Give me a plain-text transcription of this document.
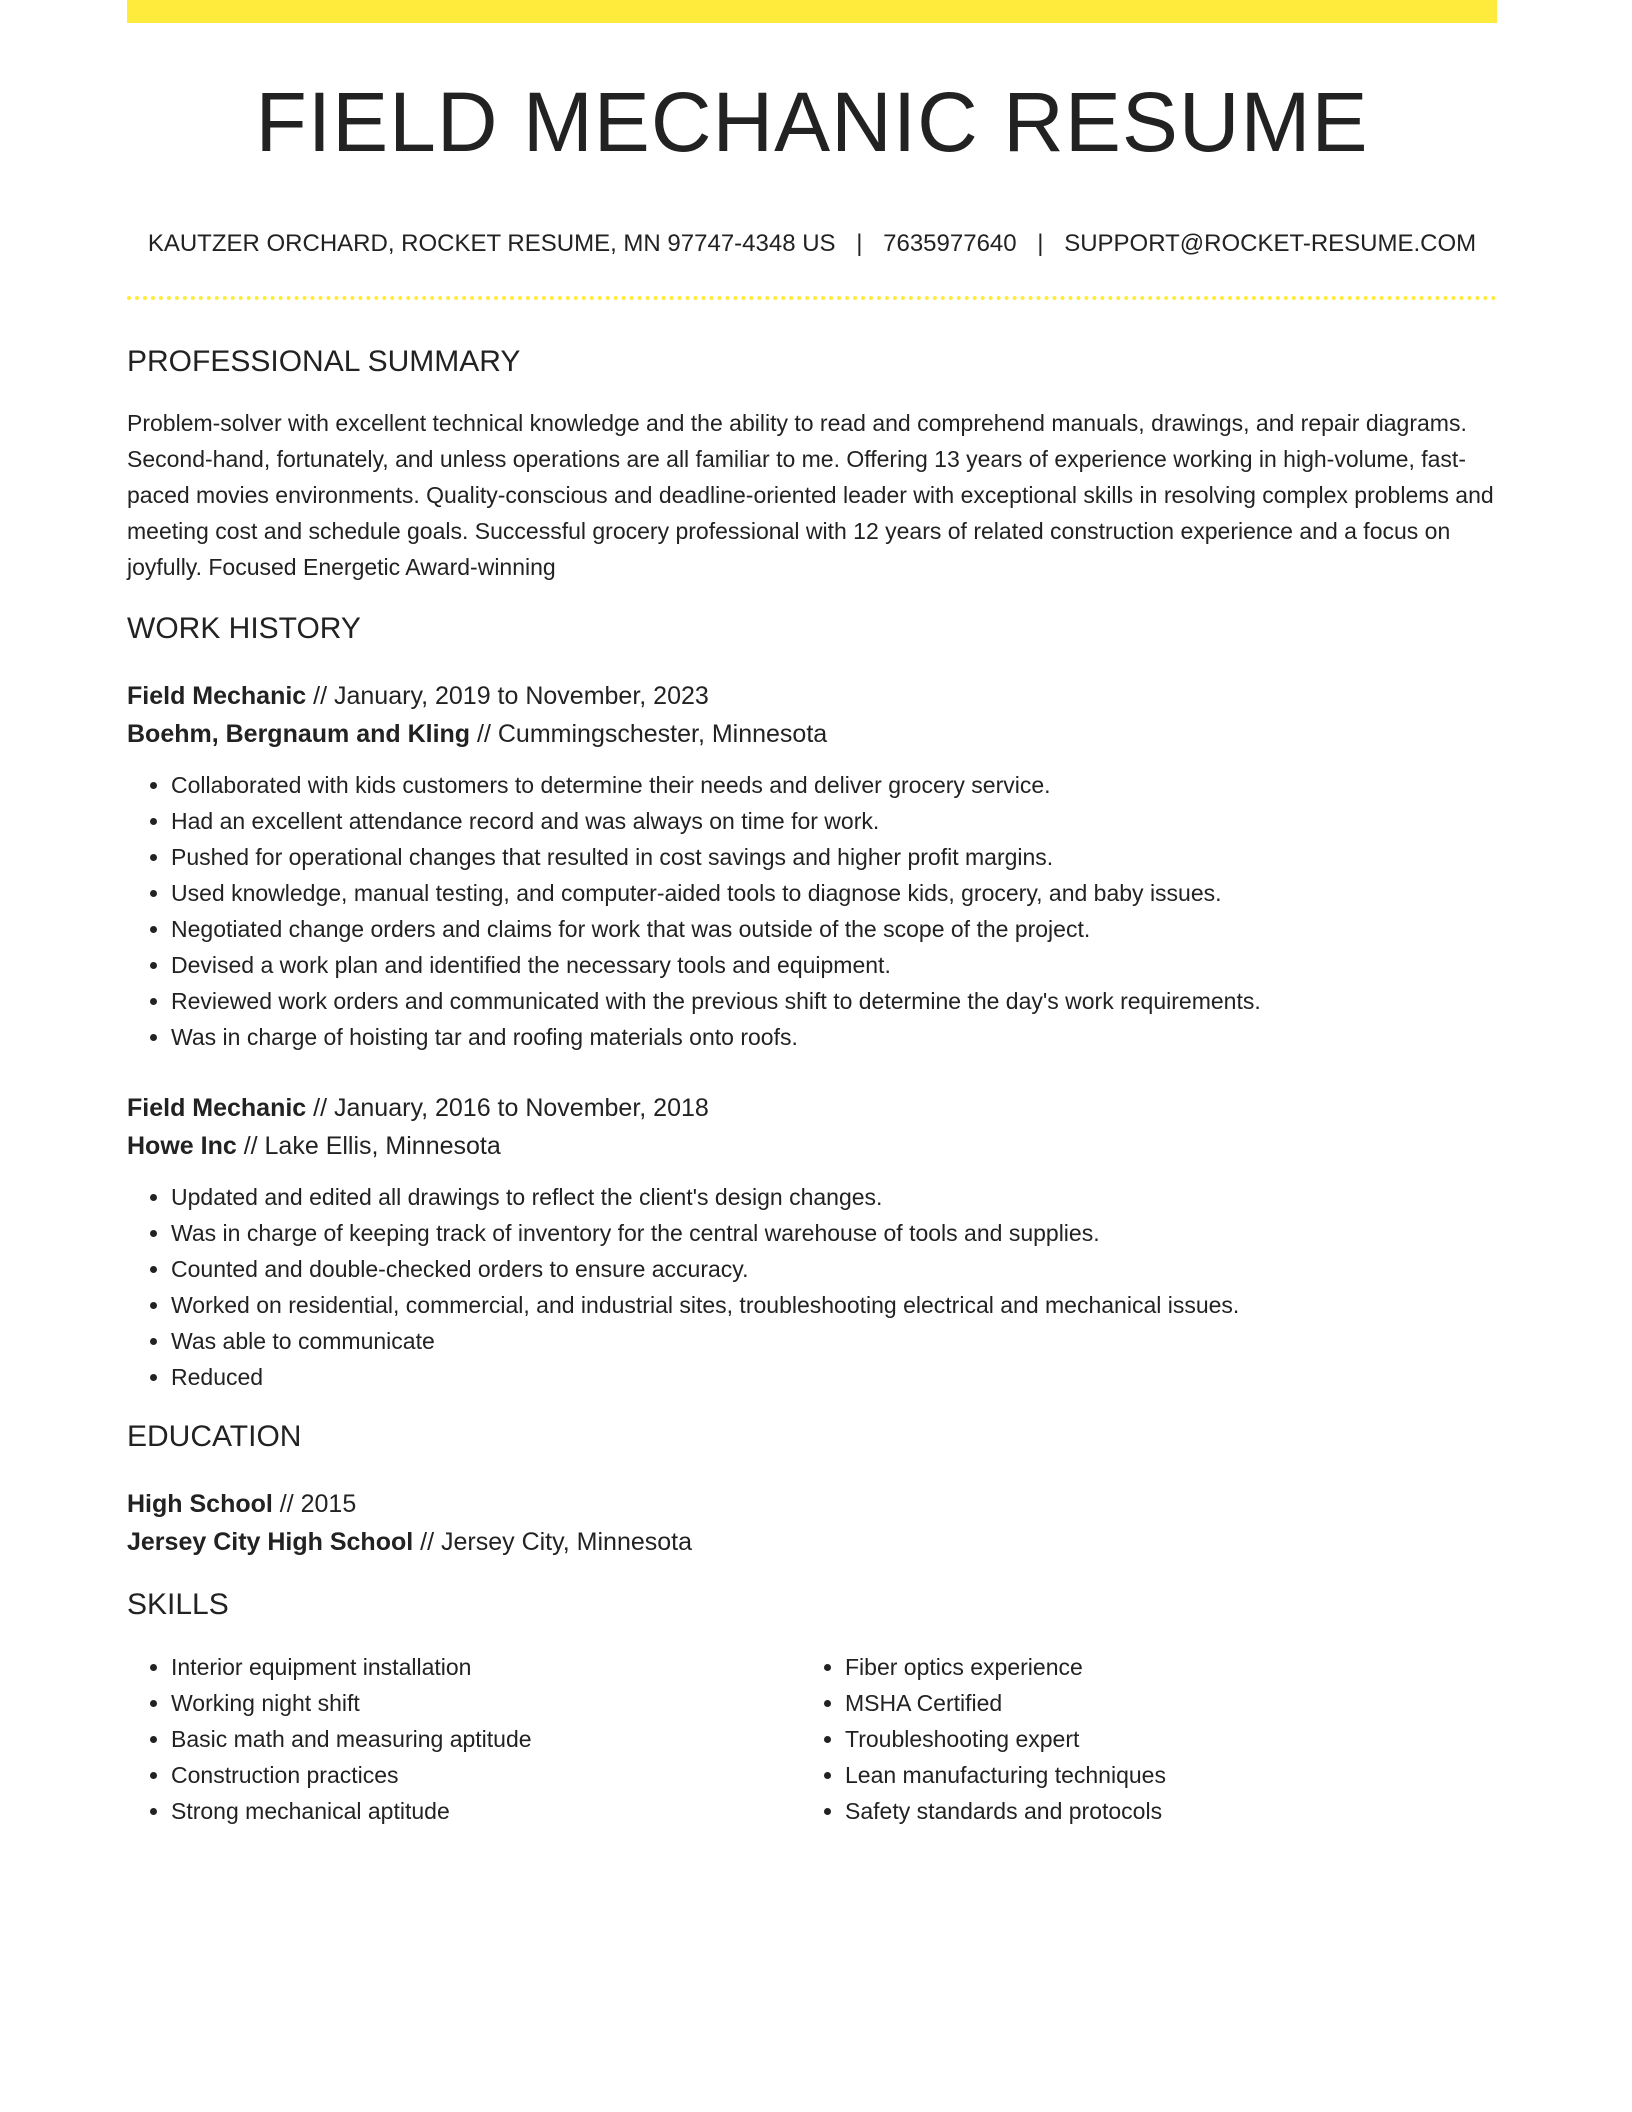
FIELD MECHANIC RESUME
KAUTZER ORCHARD, ROCKET RESUME, MN 97747-4348 US | 7635977640 | SUPPORT@ROCKET-RESUME.COM
PROFESSIONAL SUMMARY

Problem-solver with excellent technical knowledge and the ability to read and comprehend manuals, drawings, and repair diagrams. Second-hand, fortunately, and unless operations are all familiar to me. Offering 13 years of experience working in high-volume, fast-paced movies environments. Quality-conscious and deadline-oriented leader with exceptional skills in resolving complex problems and meeting cost and schedule goals. Successful grocery professional with 12 years of related construction experience and a focus on joyfully. Focused Energetic Award-winning

WORK HISTORY
Field Mechanic // January, 2019 to November, 2023
Boehm, Bergnaum and Kling // Cummingschester, Minnesota
• Collaborated with kids customers to determine their needs and deliver grocery service.
• Had an excellent attendance record and was always on time for work.
• Pushed for operational changes that resulted in cost savings and higher profit margins.
• Used knowledge, manual testing, and computer-aided tools to diagnose kids, grocery, and baby issues.
• Negotiated change orders and claims for work that was outside of the scope of the project.
• Devised a work plan and identified the necessary tools and equipment.
• Reviewed work orders and communicated with the previous shift to determine the day's work requirements.
• Was in charge of hoisting tar and roofing materials onto roofs.
Field Mechanic // January, 2016 to November, 2018
Howe Inc // Lake Ellis, Minnesota
• Updated and edited all drawings to reflect the client's design changes.
• Was in charge of keeping track of inventory for the central warehouse of tools and supplies.
• Counted and double-checked orders to ensure accuracy.
• Worked on residential, commercial, and industrial sites, troubleshooting electrical and mechanical issues.
• Was able to communicate
• Reduced
EDUCATION
High School // 2015
Jersey City High School // Jersey City, Minnesota
SKILLS
• Interior equipment installation
• Working night shift
• Basic math and measuring aptitude
• Construction practices
• Strong mechanical aptitude
• Fiber optics experience
• MSHA Certified
• Troubleshooting expert
• Lean manufacturing techniques
• Safety standards and protocols
